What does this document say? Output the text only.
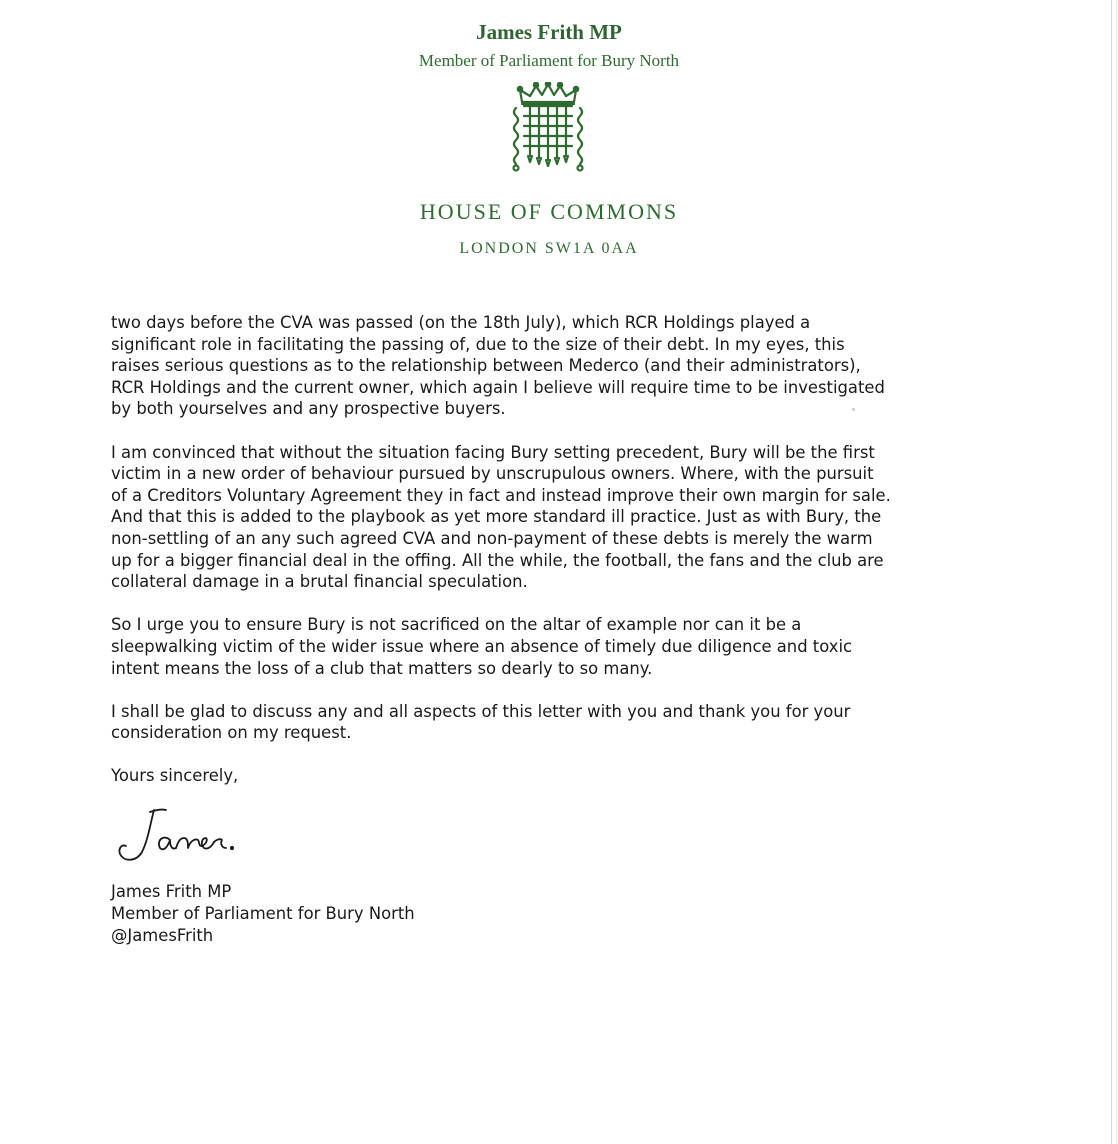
James Frith MP
Member of Parliament for Bury North
HOUSE OF COMMONS
LONDON SW1A 0AA

two days before the CVA was passed (on the 18th July), which RCR Holdings played a
significant role in facilitating the passing of, due to the size of their debt. In my eyes, this
raises serious questions as to the relationship between Mederco (and their administrators),
RCR Holdings and the current owner, which again I believe will require time to be investigated
by both yourselves and any prospective buyers.

I am convinced that without the situation facing Bury setting precedent, Bury will be the first
victim in a new order of behaviour pursued by unscrupulous owners. Where, with the pursuit
of a Creditors Voluntary Agreement they in fact and instead improve their own margin for sale.
And that this is added to the playbook as yet more standard ill practice. Just as with Bury, the
non-settling of an any such agreed CVA and non-payment of these debts is merely the warm
up for a bigger financial deal in the offing. All the while, the football, the fans and the club are
collateral damage in a brutal financial speculation.

So I urge you to ensure Bury is not sacrificed on the altar of example nor can it be a
sleepwalking victim of the wider issue where an absence of timely due diligence and toxic
intent means the loss of a club that matters so dearly to so many.

I shall be glad to discuss any and all aspects of this letter with you and thank you for your
consideration on my request.

Yours sincerely,

James Frith MP
Member of Parliament for Bury North
@JamesFrith
